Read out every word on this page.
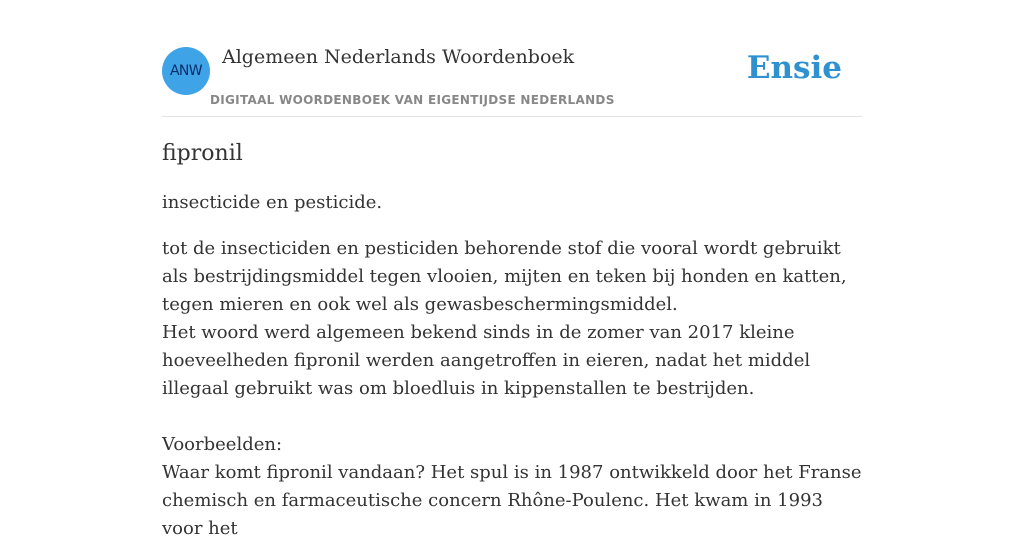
ANW
Algemeen Nederlands Woordenboek
DIGITAAL WOORDENBOEK VAN EIGENTIJDSE NEDERLANDS
Ensie
fipronil

insecticide en pesticide.

tot de insecticiden en pesticiden behorende stof die vooral wordt gebruikt als bestrijdingsmiddel tegen vlooien, mijten en teken bij honden en katten, tegen mieren en ook wel als gewasbeschermingsmiddel.
Het woord werd algemeen bekend sinds in de zomer van 2017 kleine hoeveelheden fipronil werden aangetroffen in eieren, nadat het middel illegaal gebruikt was om bloedluis in kippenstallen te bestrijden.

Voorbeelden:
Waar komt fipronil vandaan? Het spul is in 1987 ontwikkeld door het Franse chemisch en farmaceutische concern Rhône-Poulenc. Het kwam in 1993 voor het
